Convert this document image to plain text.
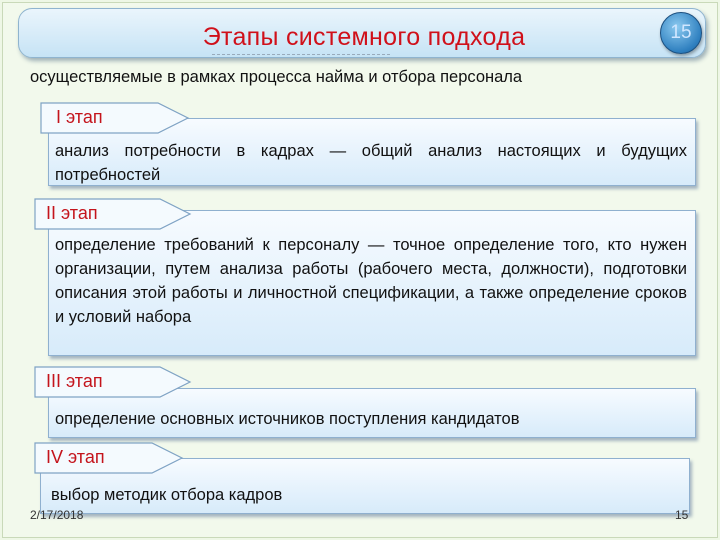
Этапы системного подхода	15
осуществляемые в рамках процесса найма и отбора персонала
анализ потребности в кадрах — общий анализ настоящих и будущих потребностей
I этап
определение требований к персоналу — точное определение того, кто нужен организации, путем анализа работы (рабочего места, должности), подготовки описания этой работы и личностной спецификации, а также определение сроков и условий набора
II этап
определение основных источников поступления кандидатов
III этап
выбор методик отбора кадров
IV этап
2/17/2018	15
